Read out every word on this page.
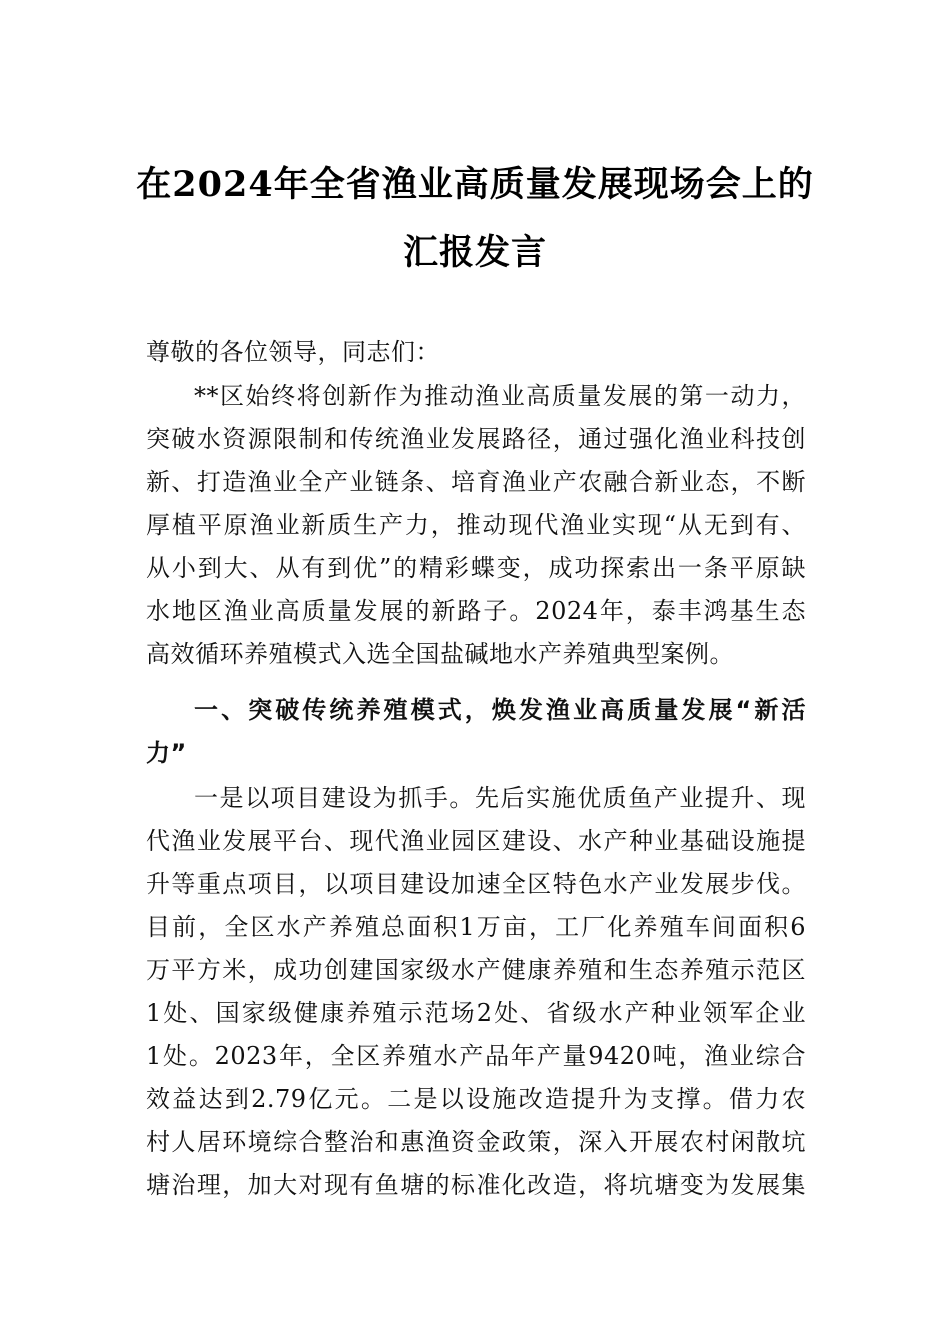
在2024年全省渔业高质量发展现场会上的
汇报发言
尊敬的各位领导，同志们：
**区始终将创新作为推动渔业高质量发展的第一动力，
突破水资源限制和传统渔业发展路径，通过强化渔业科技创
新、打造渔业全产业链条、培育渔业产农融合新业态，不断
厚植平原渔业新质生产力，推动现代渔业实现“从无到有、
从小到大、从有到优”的精彩蝶变，成功探索出一条平原缺
水地区渔业高质量发展的新路子。2024年，泰丰鸿基生态
高效循环养殖模式入选全国盐碱地水产养殖典型案例。
一、突破传统养殖模式，焕发渔业高质量发展“新活
力”
一是以项目建设为抓手。先后实施优质鱼产业提升、现
代渔业发展平台、现代渔业园区建设、水产种业基础设施提
升等重点项目，以项目建设加速全区特色水产业发展步伐。
目前，全区水产养殖总面积1万亩，工厂化养殖车间面积6
万平方米，成功创建国家级水产健康养殖和生态养殖示范区
1处、国家级健康养殖示范场2处、省级水产种业领军企业
1处。2023年，全区养殖水产品年产量9420吨，渔业综合
效益达到2.79亿元。二是以设施改造提升为支撑。借力农
村人居环境综合整治和惠渔资金政策，深入开展农村闲散坑
塘治理，加大对现有鱼塘的标准化改造，将坑塘变为发展集
